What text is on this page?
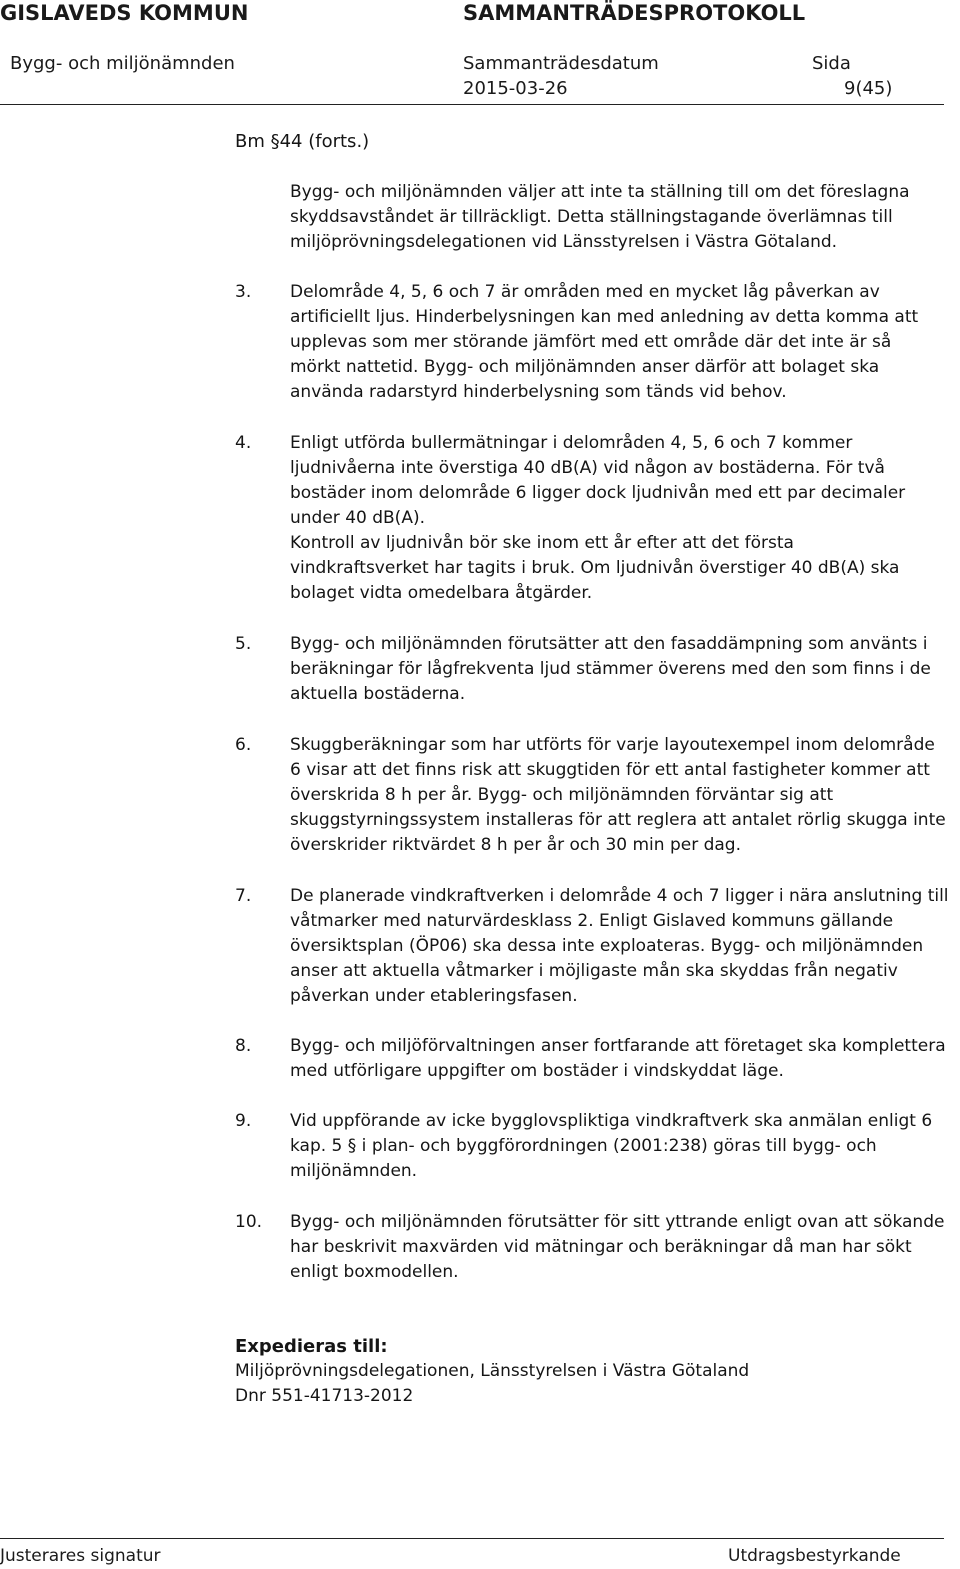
GISLAVEDS KOMMUN	SAMMANTRÄDESPROTOKOLL
Bygg- och miljönämnden	Sammanträdesdatum	Sida
2015-03-26	9(45)
Bm §44 (forts.)

Bygg- och miljönämnden väljer att inte ta ställning till om det föreslagna

skyddsavståndet är tillräckligt. Detta ställningstagande överlämnas till

miljöprövningsdelegationen vid Länsstyrelsen i Västra Götaland.

3. Delområde 4, 5, 6 och 7 är områden med en mycket låg påverkan av

artificiellt ljus. Hinderbelysningen kan med anledning av detta komma att

upplevas som mer störande jämfört med ett område där det inte är så

mörkt nattetid. Bygg- och miljönämnden anser därför att bolaget ska

använda radarstyrd hinderbelysning som tänds vid behov.

4. Enligt utförda bullermätningar i delområden 4, 5, 6 och 7 kommer

ljudnivåerna inte överstiga 40 dB(A) vid någon av bostäderna. För två

bostäder inom delområde 6 ligger dock ljudnivån med ett par decimaler

under 40 dB(A).

Kontroll av ljudnivån bör ske inom ett år efter att det första

vindkraftsverket har tagits i bruk. Om ljudnivån överstiger 40 dB(A) ska

bolaget vidta omedelbara åtgärder.

5. Bygg- och miljönämnden förutsätter att den fasaddämpning som använts i

beräkningar för lågfrekventa ljud stämmer överens med den som finns i de

aktuella bostäderna.

6. Skuggberäkningar som har utförts för varje layoutexempel inom delområde

6 visar att det finns risk att skuggtiden för ett antal fastigheter kommer att

överskrida 8 h per år. Bygg- och miljönämnden förväntar sig att

skuggstyrningssystem installeras för att reglera att antalet rörlig skugga inte

överskrider riktvärdet 8 h per år och 30 min per dag.

7. De planerade vindkraftverken i delområde 4 och 7 ligger i nära anslutning till

våtmarker med naturvärdesklass 2. Enligt Gislaved kommuns gällande

översiktsplan (ÖP06) ska dessa inte exploateras. Bygg- och miljönämnden

anser att aktuella våtmarker i möjligaste mån ska skyddas från negativ

påverkan under etableringsfasen.

8. Bygg- och miljöförvaltningen anser fortfarande att företaget ska komplettera

med utförligare uppgifter om bostäder i vindskyddat läge.

9. Vid uppförande av icke bygglovspliktiga vindkraftverk ska anmälan enligt 6

kap. 5 § i plan- och byggförordningen (2001:238) göras till bygg- och

miljönämnden.

10. Bygg- och miljönämnden förutsätter för sitt yttrande enligt ovan att sökande

har beskrivit maxvärden vid mätningar och beräkningar då man har sökt

enligt boxmodellen.

Expedieras till:
Miljöprövningsdelegationen, Länsstyrelsen i Västra Götaland
Dnr 551-41713-2012
Justerares signatur	Utdragsbestyrkande
